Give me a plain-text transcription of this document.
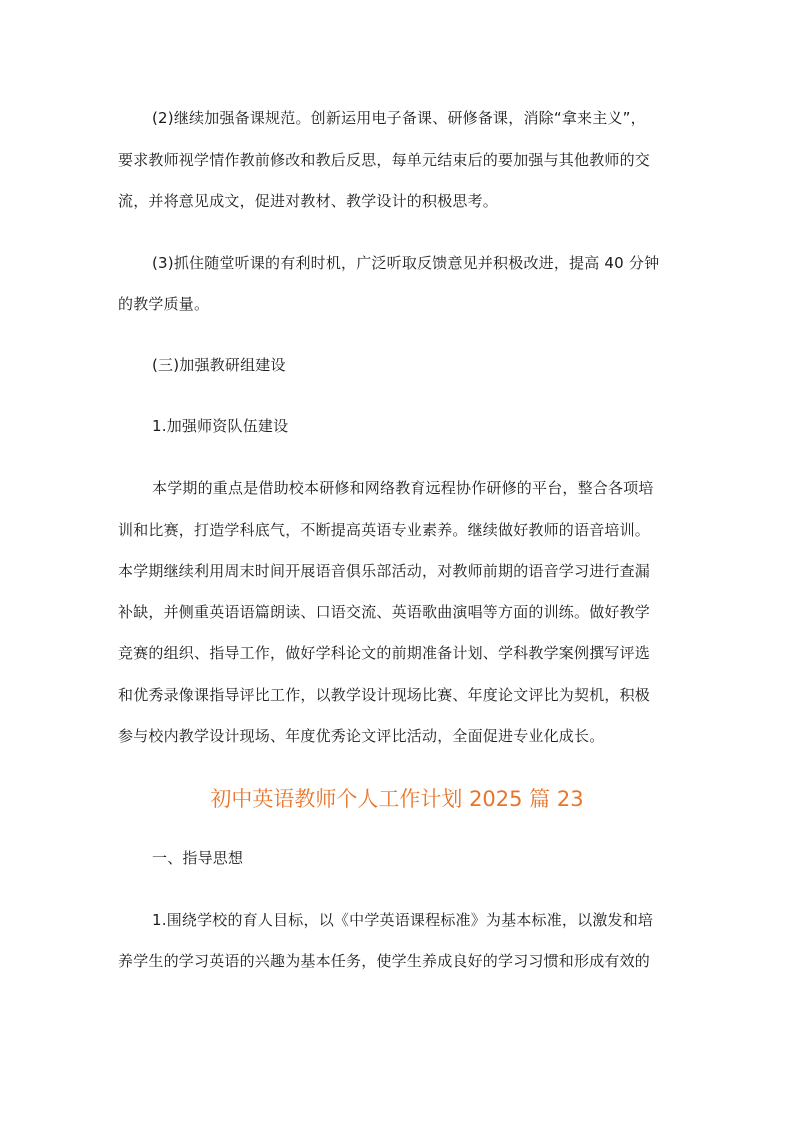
(2)继续加强备课规范。创新运用电子备课、研修备课，消除“拿来主义”，
要求教师视学情作教前修改和教后反思，每单元结束后的要加强与其他教师的交
流，并将意见成文，促进对教材、教学设计的积极思考。
(3)抓住随堂听课的有利时机，广泛听取反馈意见并积极改进，提高 40 分钟
的教学质量。
(三)加强教研组建设
1.加强师资队伍建设
本学期的重点是借助校本研修和网络教育远程协作研修的平台，整合各项培
训和比赛，打造学科底气，不断提高英语专业素养。继续做好教师的语音培训。
本学期继续利用周末时间开展语音俱乐部活动，对教师前期的语音学习进行查漏
补缺，并侧重英语语篇朗读、口语交流、英语歌曲演唱等方面的训练。做好教学
竞赛的组织、指导工作，做好学科论文的前期准备计划、学科教学案例撰写评选
和优秀录像课指导评比工作，以教学设计现场比赛、年度论文评比为契机，积极
参与校内教学设计现场、年度优秀论文评比活动，全面促进专业化成长。
初中英语教师个人工作计划 2025 篇 23
一、指导思想
1.围绕学校的育人目标，以《中学英语课程标准》为基本标准，以激发和培
养学生的学习英语的兴趣为基本任务，使学生养成良好的学习习惯和形成有效的
